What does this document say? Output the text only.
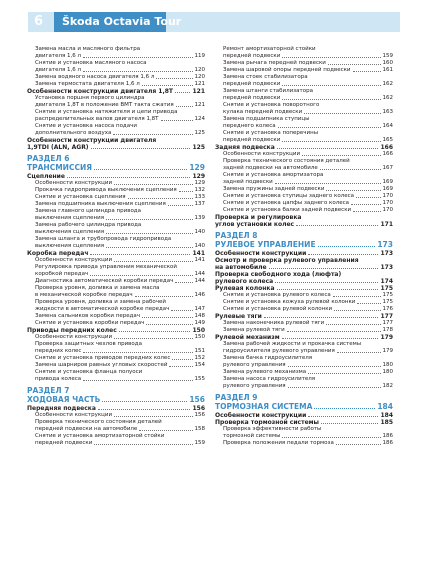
6 Škoda Octavia Tour
Замена масла и масляного фильтра
двигателя 1,6 л	119
Снятие и установка масляного насоса
двигателя 1,6 л	120
Замена водяного насоса двигателя 1,6 л	120
Замена термостата двигателя 1,6 л	121
Особенности конструкции двигателя 1,8Т	121
Установка поршня первого цилиндра
двигателя 1,8Т в положение ВМТ такта сжатия	121
Снятие и установка натяжителя и цепи привода
распределительных валов двигателя 1,8Т	124
Снятие и установка насоса подачи
дополнительного воздуха	125
Особенности конструкции двигателя
1,9TDI (ALN, AGR)	125
РАЗДЕЛ 6
ТРАНСМИССИЯ	129
Сцепление	129
Особенности конструкции	129
Прокачка гидропривода выключения сцепления	132
Снятие и установка сцепления	133
Замена подшипника выключения сцепления	137
Замена главного цилиндра привода
выключения сцепления	139
Замена рабочего цилиндра привода
выключения сцепления	140
Замена шланга и трубопровода гидропривода
выключения сцепления	140
Коробка передач	141
Особенности конструкции	141
Регулировка привода управления механической
коробкой передач	144
Диагностика автоматической коробки передач	144
Проверка уровня, доливка и замена масла
в механической коробке передач	146
Проверка уровня, доливка и замена рабочей
жидкости в автоматической коробке передач	147
Замена сальников коробки передач	148
Снятие и установка коробки передач	149
Приводы передних колес	150
Особенности конструкции	150
Проверка защитных чехлов привода
передних колес	151
Снятие и установка приводов передних колес	152
Замена шарниров равных угловых скоростей	154
Снятие и установка фланца полуоси
привода колеса	155
РАЗДЕЛ 7
ХОДОВАЯ ЧАСТЬ	156
Передняя подвеска	156
Особенности конструкции	156
Проверка технического состояния деталей
передней подвески на автомобиле	158
Снятие и установка амортизаторной стойки
передней подвески	159
Ремонт амортизаторной стойки
передней подвески	159
Замена рычага передней подвески	160
Замена шаровой опоры передней подвески	161
Замена стоек стабилизатора
передней подвески	162
Замена штанги стабилизатора
передней подвески	162
Снятие и установка поворотного
кулака передней подвески	163
Замена подшипника ступицы
переднего колеса	164
Снятие и установка поперечины
передней подвески	165
Задняя подвеска	166
Особенности конструкции	166
Проверка технического состояния деталей
задней подвески на автомобиле	167
Снятие и установка амортизатора
задней подвески	169
Замена пружины задней подвески	169
Снятие и установка ступицы заднего колеса	170
Снятие и установка цапфы заднего колеса	170
Снятие и установка балки задней подвески	170
Проверка и регулировка
углов установки колес	171
РАЗДЕЛ 8
РУЛЕВОЕ УПРАВЛЕНИЕ	173
Особенности конструкции	173
Осмотр и проверка рулевого управления
на автомобиле	173
Проверка свободного хода (люфта)
рулевого колеса	174
Рулевая колонка	175
Снятие и установка рулевого колеса	175
Снятие и установка кожуха рулевой колонки	175
Снятие и установка рулевой колонки	176
Рулевые тяги	177
Замена наконечника рулевой тяги	177
Замена рулевой тяги	178
Рулевой механизм	179
Замена рабочей жидкости и прокачка системы
гидроусилителя рулевого управления	179
Замена бачка гидроусилителя
рулевого управления	180
Замена рулевого механизма	180
Замена насоса гидроусилителя
рулевого управления	182
РАЗДЕЛ 9
ТОРМОЗНАЯ СИСТЕМА	184
Особенности конструкции	184
Проверка тормозной системы	185
Проверка эффективности работы
тормозной системы	186
Проверка положения педали тормоза	186
